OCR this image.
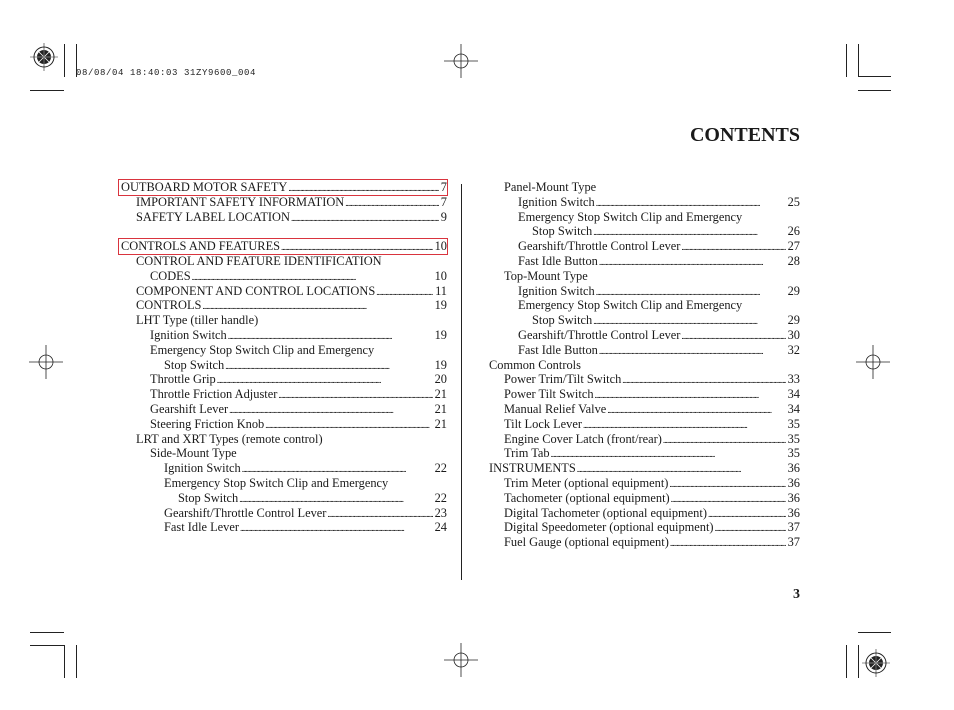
08/08/04 18:40:03 31ZY9600_004
CONTENTS
OUTBOARD MOTOR SAFETY . . .	7
IMPORTANT SAFETY INFORMATION . . .	7
SAFETY LABEL LOCATION . . .	9
CONTROLS AND FEATURES . . .	10
CONTROL AND FEATURE IDENTIFICATION
CODES . . .	10
COMPONENT AND CONTROL LOCATIONS . . .	11
CONTROLS . . .	19
LHT Type (tiller handle)
Ignition Switch . . .	19
Emergency Stop Switch Clip and Emergency
Stop Switch . . .	19
Throttle Grip . . .	20
Throttle Friction Adjuster . . .	21
Gearshift Lever . . .	21
Steering Friction Knob . . .	21
LRT and XRT Types (remote control)
Side-Mount Type
Ignition Switch . . .	22
Emergency Stop Switch Clip and Emergency
Stop Switch . . .	22
Gearshift/Throttle Control Lever . . .	23
Fast Idle Lever . . .	24
Panel-Mount Type
Ignition Switch . . .	25
Emergency Stop Switch Clip and Emergency
Stop Switch . . .	26
Gearshift/Throttle Control Lever . . .	27
Fast Idle Button . . .	28
Top-Mount Type
Ignition Switch . . .	29
Emergency Stop Switch Clip and Emergency
Stop Switch . . .	29
Gearshift/Throttle Control Lever . . .	30
Fast Idle Button . . .	32
Common Controls
Power Trim/Tilt Switch . . .	33
Power Tilt Switch . . .	34
Manual Relief Valve . . .	34
Tilt Lock Lever . . .	35
Engine Cover Latch (front/rear) . . .	35
Trim Tab . . .	35
INSTRUMENTS . . .	36
Trim Meter (optional equipment) . . .	36
Tachometer (optional equipment) . . .	36
Digital Tachometer (optional equipment) . . .	36
Digital Speedometer (optional equipment) . . .	37
Fuel Gauge (optional equipment) . . .	37
3
